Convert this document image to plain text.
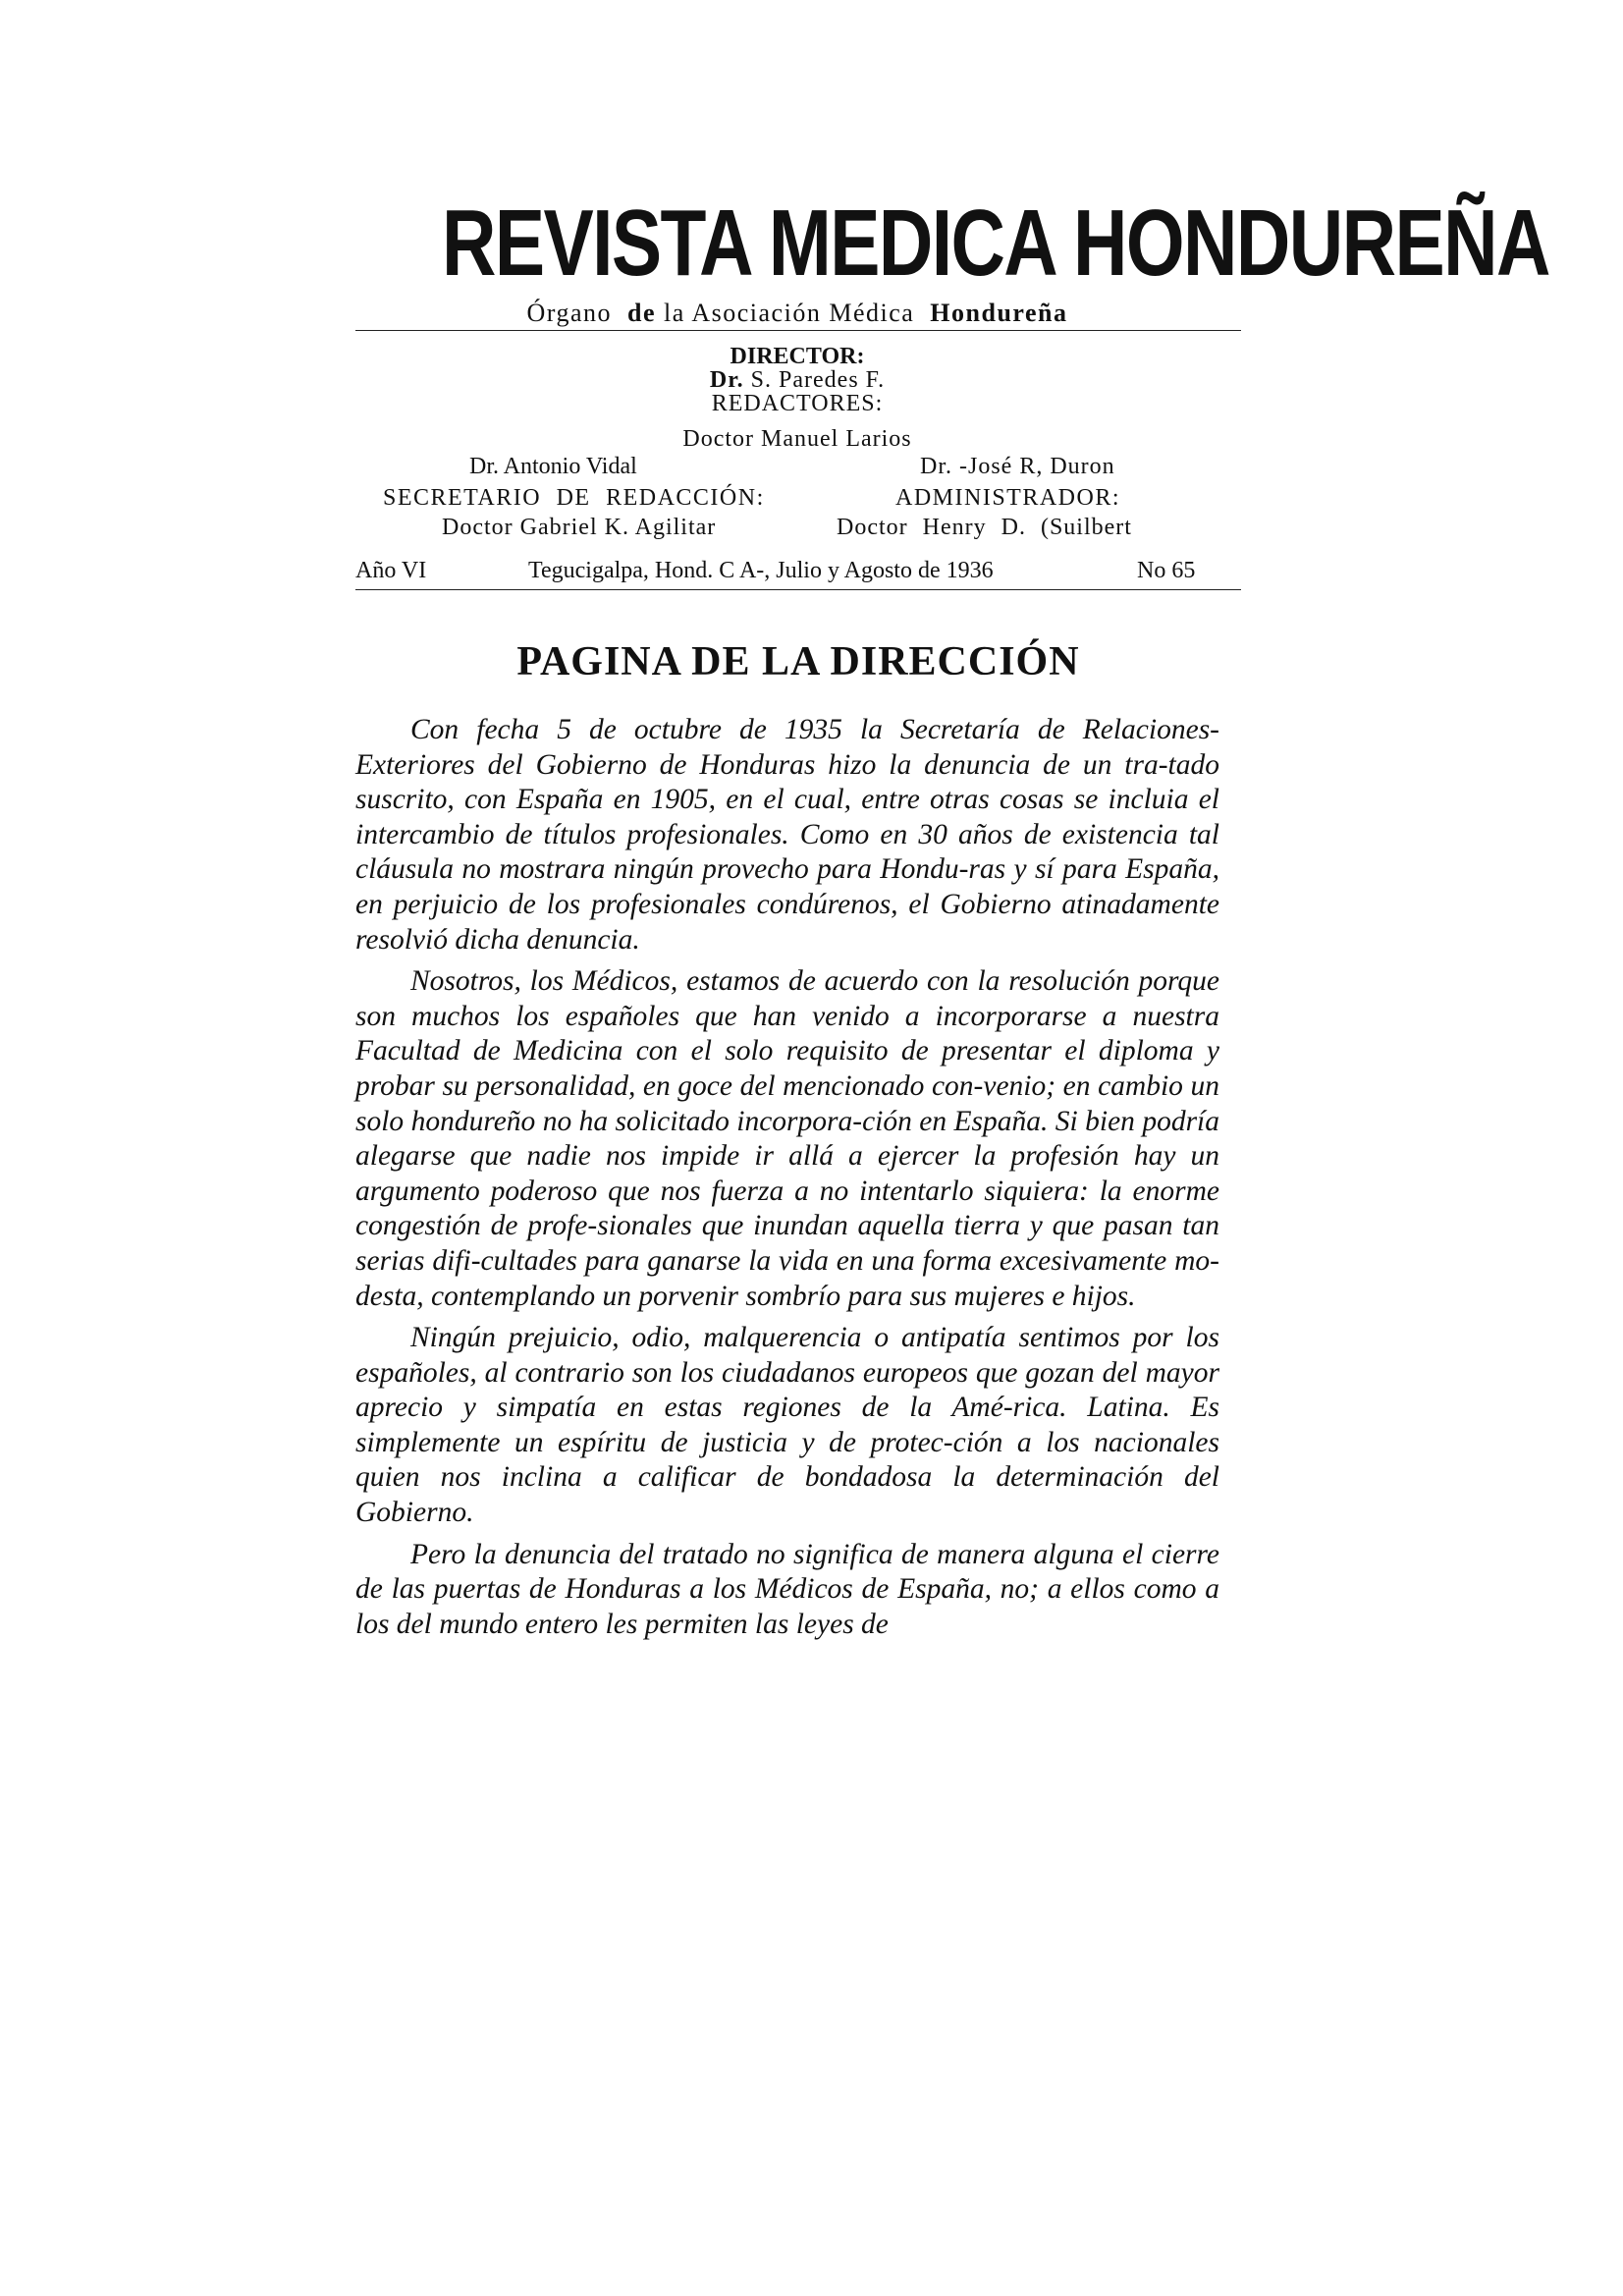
REVISTA MEDICA HONDUREÑA
Órgano de la Asociación Médica Hondureña
DIRECTOR:
Dr. S. Paredes F.
REDACTORES:
Doctor Manuel Larios
Dr. Antonio Vidal	Dr. -José R, Duron
SECRETARIO DE REDACCIÓN:	ADMINISTRADOR:
Doctor Gabriel K. Agilitar	Doctor Henry D. (Suilbert
Año VI	Tegucigalpa, Hond. C A-, Julio y Agosto de 1936	No 65
PAGINA DE LA DIRECCIÓN

Con fecha 5 de octubre de 1935 la Secretaría de Relaciones-Exteriores del Gobierno de Honduras hizo la denuncia de un tra-tado suscrito, con España en 1905, en el cual, entre otras cosas se incluia el intercambio de títulos profesionales. Como en 30 años de existencia tal cláusula no mostrara ningún provecho para Hondu-ras y sí para España, en perjuicio de los profesionales condúrenos, el Gobierno atinadamente resolvió dicha denuncia.

Nosotros, los Médicos, estamos de acuerdo con la resolución porque son muchos los españoles que han venido a incorporarse a nuestra Facultad de Medicina con el solo requisito de presentar el diploma y probar su personalidad, en goce del mencionado con-venio; en cambio un solo hondureño no ha solicitado incorpora-ción en España. Si bien podría alegarse que nadie nos impide ir allá a ejercer la profesión hay un argumento poderoso que nos fuerza a no intentarlo siquiera: la enorme congestión de profe-sionales que inundan aquella tierra y que pasan tan serias difi-cultades para ganarse la vida en una forma excesivamente mo-desta, contemplando un porvenir sombrío para sus mujeres e hijos.

Ningún prejuicio, odio, malquerencia o antipatía sentimos por los españoles, al contrario son los ciudadanos europeos que gozan del mayor aprecio y simpatía en estas regiones de la Amé-rica. Latina. Es simplemente un espíritu de justicia y de protec-ción a los nacionales quien nos inclina a calificar de bondadosa la determinación del Gobierno.

Pero la denuncia del tratado no significa de manera alguna el cierre de las puertas de Honduras a los Médicos de España, no; a ellos como a los del mundo entero les permiten las leyes de
